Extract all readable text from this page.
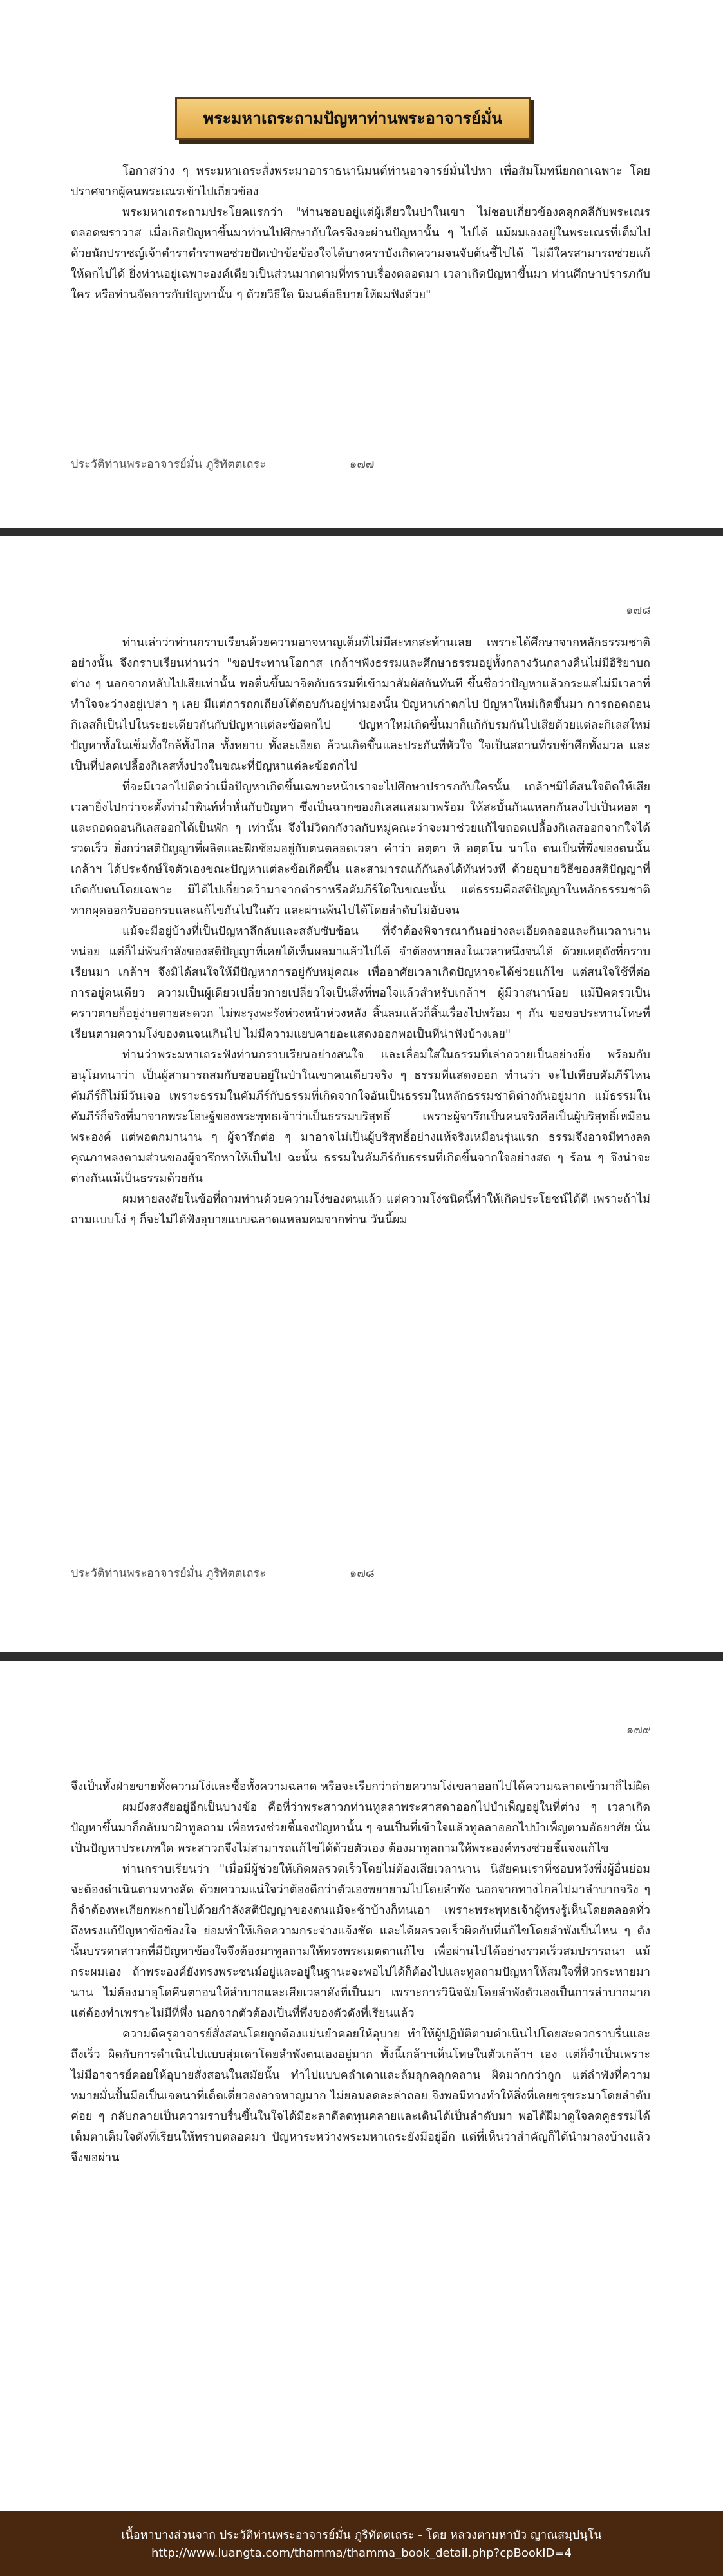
พระมหาเถระถามปัญหาท่านพระอาจารย์มั่น

โอกาสว่าง ๆ พระมหาเถระสั่งพระมาอาราธนานิมนต์ท่านอาจารย์มั่นไปหา เพื่อสัมโมทนียกถาเฉพาะ โดยปราศจากผู้คนพระเณรเข้าไปเกี่ยวข้อง

พระมหาเถระถามประโยคแรกว่า "ท่านชอบอยู่แต่ผู้เดียวในป่าในเขา ไม่ชอบเกี่ยวข้องคลุกคลีกับพระเณรตลอดฆราวาส เมื่อเกิดปัญหาขึ้นมาท่านไปศึกษากับใครจึงจะผ่านปัญหานั้น ๆ ไปได้ แม้ผมเองอยู่ในพระเณรที่เต็มไปด้วยนักปราชญ์เจ้าตำราตำราพอช่วยปัดเป่าข้อข้องใจได้บางคราบังเกิดความจนจับต้นชี้ไปได้ ไม่มีใครสามารถช่วยแก้ให้ตกไปได้ ยิ่งท่านอยู่เฉพาะองค์เดียวเป็นส่วนมากตามที่ทราบเรื่องตลอดมา เวลาเกิดปัญหาขึ้นมา ท่านศึกษาปรารภกับใคร หรือท่านจัดการกับปัญหานั้น ๆ ด้วยวิธีใด นิมนต์อธิบายให้ผมฟังด้วย"

ประวัติท่านพระอาจารย์มั่น ภูริทัตตเถระ	๑๗๗
๑๗๘

ท่านเล่าว่าท่านกราบเรียนด้วยความอาจหาญเต็มที่ไม่มีสะทกสะท้านเลย เพราะได้ศึกษาจากหลักธรรมชาติอย่างนั้น จึงกราบเรียนท่านว่า "ขอประทานโอกาส เกล้าฯฟังธรรมและศึกษาธรรมอยู่ทั้งกลางวันกลางคืนไม่มีอิริยาบถต่าง ๆ นอกจากหลับไปเสียเท่านั้น พอตื่นขึ้นมาจิตกับธรรมที่เข้ามาสัมผัสกันทันที ขึ้นชื่อว่าปัญหาแล้วกระแสไม่มีเวลาที่ทำใจจะว่างอยู่เปล่า ๆ เลย มีแต่การถกเถียงโต้ตอบกันอยู่ท่ามองนั้น ปัญหาเก่าตกไป ปัญหาใหม่เกิดขึ้นมา การถอดถอนกิเลสก็เป็นไปในระยะเดียวกันกับปัญหาแต่ละข้อตกไป ปัญหาใหม่เกิดขึ้นมาก็แก้กับรมกันไปเสียด้วยแต่ละกิเลสใหม่ปัญหาทั้งในเข็มทั้งใกล้ทั้งไกล ทั้งหยาบ ทั้งละเอียด ล้วนเกิดขึ้นและประกันที่หัวใจ ใจเป็นสถานที่รบข้าศึกทั้งมวล และเป็นที่ปลดเปลื้องกิเลสทั้งปวงในขณะที่ปัญหาแต่ละข้อตกไป

ที่จะมีเวลาไปติดว่าเมื่อปัญหาเกิดขึ้นเฉพาะหน้าเราจะไปศึกษาปรารภกับใครนั้น เกล้าฯมิได้สนใจติดให้เสียเวลายิ่งไปกว่าจะตั้งท่ามำพินท์ห่ำหั่นกับปัญหา ซึ่งเป็นฉากของกิเลสแสมมาพร้อม ให้สะบั้นกันแหลกกันลงไปเป็นหอด ๆ และถอดถอนกิเลสออกได้เป็นพัก ๆ เท่านั้น จึงไม่วิตกกังวลกับหมู่คณะว่าจะมาช่วยแก้ไขถอดเปลื้องกิเลสออกจากใจได้รวดเร็ว ยิ่งกว่าสติปัญญาที่ผลิตและฝึกซ้อมอยู่กับตนตลอดเวลา คำว่า อตฺตา หิ อตฺตโน นาโถ ตนเป็นที่พึ่งของตนนั้น เกล้าฯ ได้ประจักษ์ใจตัวเองขณะปัญหาแต่ละข้อเกิดขึ้น และสามารถแก้กันลงได้ทันท่วงที ด้วยอุบายวิธีของสติปัญญาที่เกิดกับตนโดยเฉพาะ มิได้ไปเกี่ยวคว้ามาจากตำราหรือคัมภีร์ใดในขณะนั้น แต่ธรรมคือสติปัญญาในหลักธรรมชาติ หากผุดออกรับออกรบและแก้ไขกันไปในตัว และผ่านพ้นไปได้โดยลำดับไม่อับจน

แม้จะมีอยู่บ้างที่เป็นปัญหาลึกลับและสลับซับซ้อน ที่จำต้องพิจารณากันอย่างละเอียดลออและกินเวลานานหน่อย แต่ก็ไม่พ้นกำลังของสติปัญญาที่เคยได้เห็นผลมาแล้วไปได้ จำต้องหายลงในเวลาหนึ่งจนได้ ด้วยเหตุดังที่กราบเรียนมา เกล้าฯ จึงมิได้สนใจให้มีปัญหาการอยู่กับหมู่คณะ เพื่ออาศัยเวลาเกิดปัญหาจะได้ช่วยแก้ไข แต่สนใจใช้ที่ต่อการอยู่คนเดียว ความเป็นผู้เดียวเปลี่ยวกายเปลี่ยวใจเป็นสิ่งที่พอใจแล้วสำหรับเกล้าฯ ผู้มีวาสนาน้อย แม้ปีคครวเป็นคราวตายก็อยู่ง่ายตายสะดวก ไม่พะรุงพะรังห่วงหน้าห่วงหลัง สิ้นลมแล้วก็สิ้นเรื่องไปพร้อม ๆ กัน ขอขอประทานโทษที่เรียนตามความโง่ของตนจนเกินไป ไม่มีความแยบคายอะแสดงออกพอเป็นที่น่าฟังบ้างเลย"

ท่านว่าพระมหาเถระฟังท่านกราบเรียนอย่างสนใจ และเลื่อมใสในธรรมที่เล่าถวายเป็นอย่างยิ่ง พร้อมกับอนุโมทนาว่า เป็นผู้สามารถสมกับชอบอยู่ในป่าในเขาคนเดียวจริง ๆ ธรรมที่แสดงออก ทำนว่า จะไปเทียบคัมภีร์ไหนคัมภีร์ก็ไม่มีวันเจอ เพราะธรรมในคัมภีร์กับธรรมที่เกิดจากใจอันเป็นธรรมในหลักธรรมชาติต่างกันอยู่มาก แม้ธรรมในคัมภีร์ก็จริงที่มาจากพระโอษฐ์ของพระพุทธเจ้าว่าเป็นธรรมบริสุทธิ์ เพราะผู้จารึกเป็นคนจริงคือเป็นผู้บริสุทธิ์เหมือนพระองค์ แต่พอตกมานาน ๆ ผู้จารึกต่อ ๆ มาอาจไม่เป็นผู้บริสุทธิ์อย่างแท้จริงเหมือนรุ่นแรก ธรรมจึงอาจมีทางลดคุณภาพลงตามส่วนของผู้จารึกหาให้เป็นไป ฉะนั้น ธรรมในคัมภีร์กับธรรมที่เกิดขึ้นจากใจอย่างสด ๆ ร้อน ๆ จึงน่าจะต่างกันแม้เป็นธรรมด้วยกัน

ผมหายสงสัยในข้อที่ถามท่านด้วยความโง่ของตนแล้ว แต่ความโง่ชนิดนี้ทำให้เกิดประโยชน์ได้ดี เพราะถ้าไม่ถามแบบโง่ ๆ ก็จะไม่ได้ฟังอุบายแบบฉลาดแหลมคมจากท่าน วันนี้ผม

ประวัติท่านพระอาจารย์มั่น ภูริทัตตเถระ	๑๗๘
๑๗๙

จึงเป็นทั้งฝ่ายขายทั้งความโง่และซื้อทั้งความฉลาด หรือจะเรียกว่าถ่ายความโง่เขลาออกไปได้ความฉลาดเข้ามาก็ไม่ผิด

ผมยังสงสัยอยู่อีกเป็นบางข้อ คือที่ว่าพระสาวกท่านทูลลาพระศาสดาออกไปบำเพ็ญอยู่ในที่ต่าง ๆ เวลาเกิดปัญหาขึ้นมาก็กลับมาฝ้าทูลถาม เพื่อทรงช่วยชี้แจงปัญหานั้น ๆ จนเป็นที่เข้าใจแล้วทูลลาออกไปบำเพ็ญตามอัธยาศัย นั่นเป็นปัญหาประเภทใด พระสาวกจึงไม่สามารถแก้ไขได้ด้วยตัวเอง ต้องมาทูลถามให้พระองค์ทรงช่วยชี้แจงแก้ไข

ท่านกราบเรียนว่า "เมื่อมีผู้ช่วยให้เกิดผลรวดเร็วโดยไม่ต้องเสียเวลานาน นิสัยคนเราที่ชอบหวังพึ่งผู้อื่นย่อมจะต้องดำเนินตามทางลัด ด้วยความแน่ใจว่าต้องดีกว่าตัวเองพยายามไปโดยลำพัง นอกจากทางไกลไปมาลำบากจริง ๆ ก็จำต้องพะเกียกพะกายไปด้วยกำลังสติปัญญาของตนแม้จะช้าบ้างก็ทนเอา เพราะพระพุทธเจ้าผู้ทรงรู้เห็นโดยตลอดทั่วถึงทรงแก้ปัญหาข้อข้องใจ ย่อมทำให้เกิดความกระจ่างแจ้งชัด และได้ผลรวดเร็วผิดกับที่แก้ไขโดยลำพังเป็นไหน ๆ ดังนั้นบรรดาสาวกที่มีปัญหาข้องใจจึงต้องมาทูลถามให้ทรงพระเมตตาแก้ไข เพื่อผ่านไปได้อย่างรวดเร็วสมปรารถนา แม้กระผมเอง ถ้าพระองค์ยังทรงพระชนม์อยู่และอยู่ในฐานะจะพอไปได้ก็ต้องไปและทูลถามปัญหาให้สมใจที่หิวกระหายมานาน ไม่ต้องมาอุโดคีนตาอนให้ลำบากและเสียเวลาดังที่เป็นมา เพราะการวินิจฉัยโดยลำพังตัวเองเป็นการลำบากมาก แต่ต้องทำเพราะไม่มีที่พึ่ง นอกจากตัวต้องเป็นที่พึ่งของตัวดังที่เรียนแล้ว

ความดีครูอาจารย์สั่งสอนโดยถูกต้องแม่นยำคอยให้อุบาย ทำให้ผู้ปฏิบัติตามดำเนินไปโดยสะดวกราบรื่นและถึงเร็ว ผิดกับการดำเนินไปแบบสุ่มเดาโดยลำพังตนเองอยู่มาก ทั้งนี้เกล้าฯเห็นโทษในตัวเกล้าฯ เอง แต่ก็จำเป็นเพราะไม่มีอาจารย์คอยให้อุบายสั่งสอนในสมัยนั้น ทำไปแบบคลำเดาและล้มลุกคลุกคลาน ผิดมากกว่าถูก แต่ลำพังที่ความหมายมั่นปั้นมือเป็นเจตนาที่เด็ดเดี่ยวองอาจหาญมาก ไม่ยอมลดละล่าถอย จึงพอมีทางทำให้สิ่งที่เคยขรุขระมาโดยลำดับ ค่อย ๆ กลับกลายเป็นความราบรื่นขึ้นในใจได้มีอะลาดีลดทุนคลายและเดินได้เป็นลำดับมา พอได้ฝึมาดูใจลดคูธรรมได้เต็มตาเต็มใจดังที่เรียนให้ทราบตลอดมา ปัญหาระหว่างพระมหาเถระยังมีอยู่อีก แต่ที่เห็นว่าสำคัญก็ได้นำมาลงบ้างแล้วจึงขอผ่าน

เนื้อหาบางส่วนจาก ประวัติท่านพระอาจารย์มั่น ภูริทัตตเถระ - โดย หลวงตามหาบัว ญาณสมฺปนฺโน
http://www.luangta.com/thamma/thamma_book_detail.php?cpBookID=4
